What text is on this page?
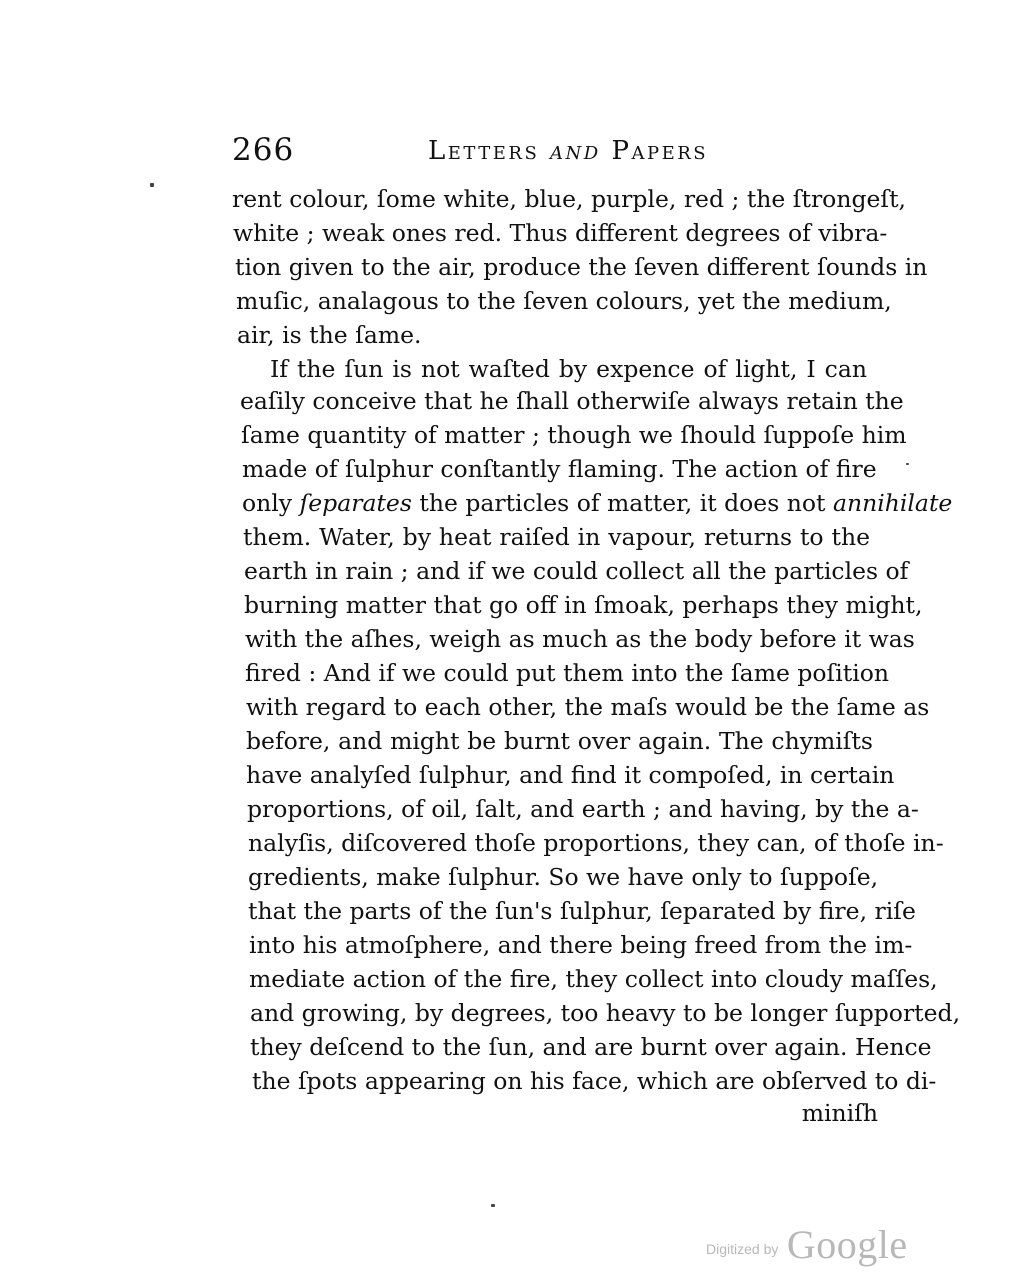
266	Letters and Papers
rent colour, ſome white, blue, purple, red ; the ſtrongeſt,
white ; weak ones red. Thus different degrees of vibra-
tion given to the air, produce the ſeven different ſounds in
muſic, analagous to the ſeven colours, yet the medium,
air, is the ſame.
If the ſun is not waſted by expence of light, I can
eaſily conceive that he ſhall otherwiſe always retain the
ſame quantity of matter ; though we ſhould ſuppoſe him
made of ſulphur conſtantly flaming. The action of fire
only ſeparates the particles of matter, it does not annihilate
them. Water, by heat raiſed in vapour, returns to the
earth in rain ; and if we could collect all the particles of
burning matter that go off in ſmoak, perhaps they might,
with the aſhes, weigh as much as the body before it was
fired : And if we could put them into the ſame poſition
with regard to each other, the maſs would be the ſame as
before, and might be burnt over again. The chymiſts
have analyſed ſulphur, and find it compoſed, in certain
proportions, of oil, ſalt, and earth ; and having, by the a-
nalyſis, diſcovered thoſe proportions, they can, of thoſe in-
gredients, make ſulphur. So we have only to ſuppoſe,
that the parts of the ſun's ſulphur, ſeparated by fire, riſe
into his atmoſphere, and there being freed from the im-
mediate action of the fire, they collect into cloudy maſſes,
and growing, by degrees, too heavy to be longer ſupported,
they deſcend to the ſun, and are burnt over again. Hence
the ſpots appearing on his face, which are obſerved to di-
miniſh
Digitized by Google
